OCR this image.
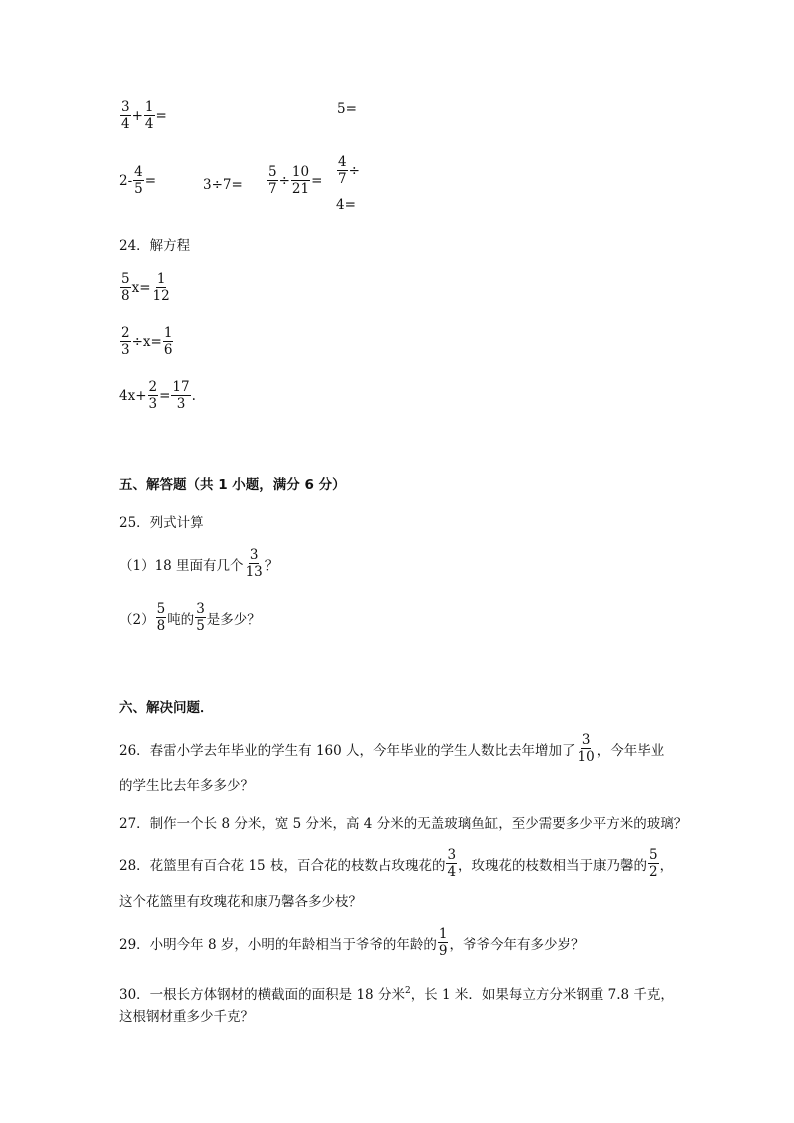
$\frac{3}{4} + \frac{1}{4}$ =	5=
$2- \frac{4}{5}$ =	$3\div 7= \frac{5}{7} \div \frac{10}{21} = \frac{4}{7}$ ÷
4=
24．解方程
$\frac{5}{8} x= \frac{1}{12}$
$\frac{2}{3} \div x= \frac{1}{6}$
$4x+ \frac{2}{3} = \frac{17}{3}$ .
五、解答题（共 1 小题，满分 6 分）
25．列式计算
（1）18 里面有几个 $\frac{3}{13}$ ？
$(2) \frac{5}{8}$ 吨的 $\frac{3}{5}$ 是多少？
六、解决问题．
26．春雷小学去年毕业的学生有 160 人，今年毕业的学生人数比去年增加了 $\frac{3}{10}$ ，今年毕业
的学生比去年多多少？
27．制作一个长 8 分米，宽 5 分米，高 4 分米的无盖玻璃鱼缸，至少需要多少平方米的玻璃？
28．花篮里有百合花 15 枝，百合花的枝数占玫瑰花的 $\frac{3}{4}$ ，玫瑰花的枝数相当于康乃馨的 $\frac{5}{2}$ ，
这个花篮里有玫瑰花和康乃馨各多少枝？
29．小明今年 8 岁，小明的年龄相当于爷爷的年龄的 $\frac{1}{9}$ ，爷爷今年有多少岁？
30．一根长方体钢材的横截面的面积是 18 分米$^2$，长 1 米．如果每立方分米钢重 7.8 千克，
这根钢材重多少千克？
